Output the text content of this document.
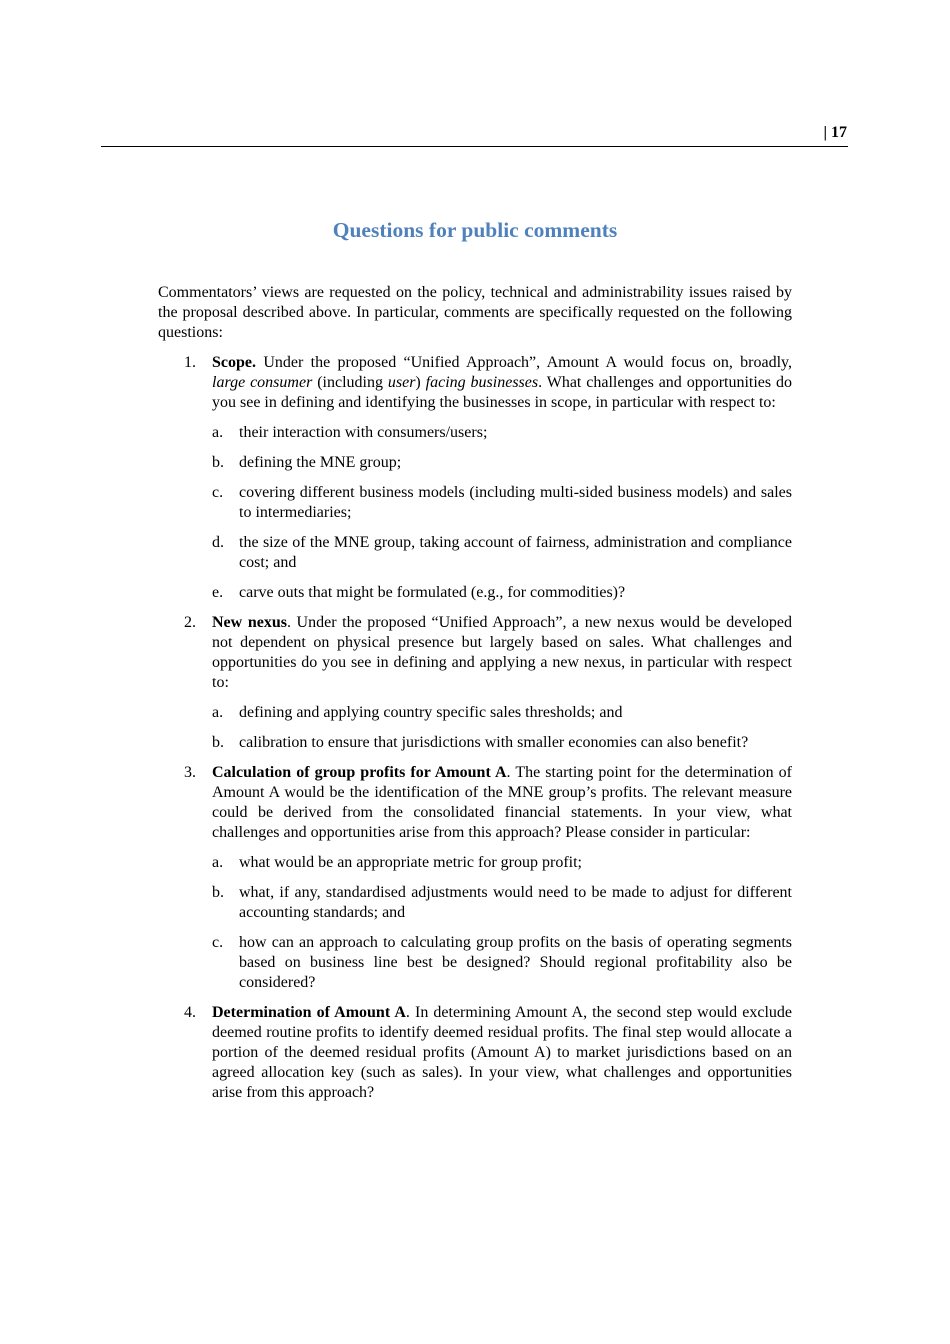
| 17
Questions for public comments

Commentators’ views are requested on the policy, technical and administrability issues raised by the proposal described above. In particular, comments are specifically requested on the following questions:

1. Scope. Under the proposed “Unified Approach”, Amount A would focus on, broadly, large consumer (including user) facing businesses. What challenges and opportunities do you see in defining and identifying the businesses in scope, in particular with respect to:

a. their interaction with consumers/users;
b. defining the MNE group;
c. covering different business models (including multi-sided business models) and sales to intermediaries;
d. the size of the MNE group, taking account of fairness, administration and compliance cost; and
e. carve outs that might be formulated (e.g., for commodities)?
2. New nexus. Under the proposed “Unified Approach”, a new nexus would be developed not dependent on physical presence but largely based on sales. What challenges and opportunities do you see in defining and applying a new nexus, in particular with respect to:

a. defining and applying country specific sales thresholds; and
b. calibration to ensure that jurisdictions with smaller economies can also benefit?
3. Calculation of group profits for Amount A. The starting point for the determination of Amount A would be the identification of the MNE group’s profits. The relevant measure could be derived from the consolidated financial statements. In your view, what challenges and opportunities arise from this approach? Please consider in particular:

a. what would be an appropriate metric for group profit;
b. what, if any, standardised adjustments would need to be made to adjust for different accounting standards; and
c. how can an approach to calculating group profits on the basis of operating segments based on business line best be designed? Should regional profitability also be considered?
4. Determination of Amount A. In determining Amount A, the second step would exclude deemed routine profits to identify deemed residual profits. The final step would allocate a portion of the deemed residual profits (Amount A) to market jurisdictions based on an agreed allocation key (such as sales). In your view, what challenges and opportunities arise from this approach?
